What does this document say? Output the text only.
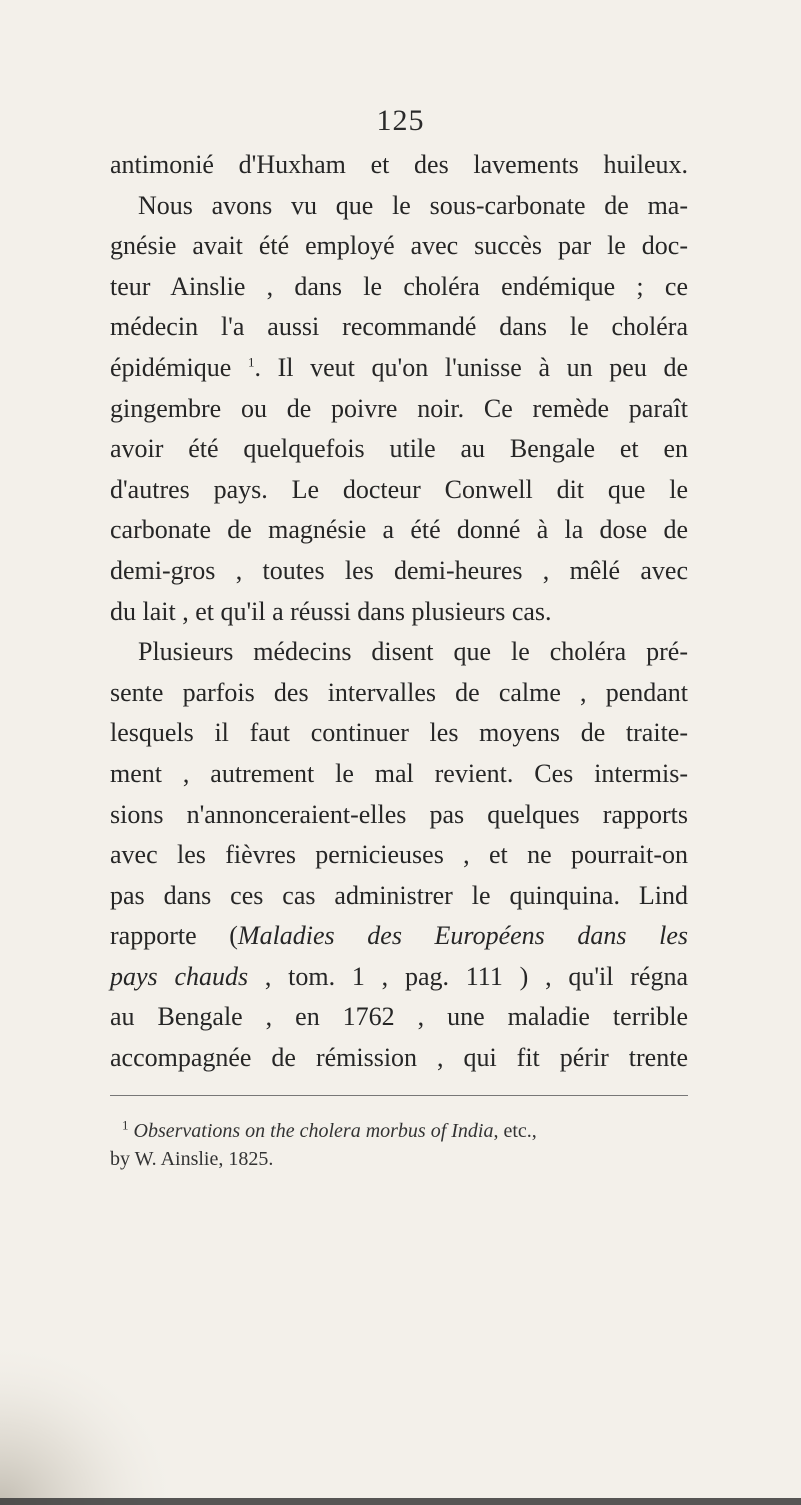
125
antimonié d'Huxham et des lavements huileux.
Nous avons vu que le sous-carbonate de ma-
gnésie avait été employé avec succès par le doc-
teur Ainslie , dans le choléra endémique ; ce
médecin l'a aussi recommandé dans le choléra
épidémique $^1$. Il veut qu'on l'unisse à un peu de
gingembre ou de poivre noir. Ce remède paraît
avoir été quelquefois utile au Bengale et en
d'autres pays. Le docteur Conwell dit que le
carbonate de magnésie a été donné à la dose de
demi-gros , toutes les demi-heures , mêlé avec
du lait , et qu'il a réussi dans plusieurs cas.
Plusieurs médecins disent que le choléra pré-
sente parfois des intervalles de calme , pendant
lesquels il faut continuer les moyens de traite-
ment , autrement le mal revient. Ces intermis-
sions n'annonceraient-elles pas quelques rapports
avec les fièvres pernicieuses , et ne pourrait-on
pas dans ces cas administrer le quinquina. Lind
rapporte (Maladies des Européens dans les
pays chauds , tom. 1 , pag. 111 ) , qu'il régna
au Bengale , en 1762 , une maladie terrible
accompagnée de rémission , qui fit périr trente
$^1$ Observations on the cholera morbus of India, etc.,
by W. Ainslie, 1825.
